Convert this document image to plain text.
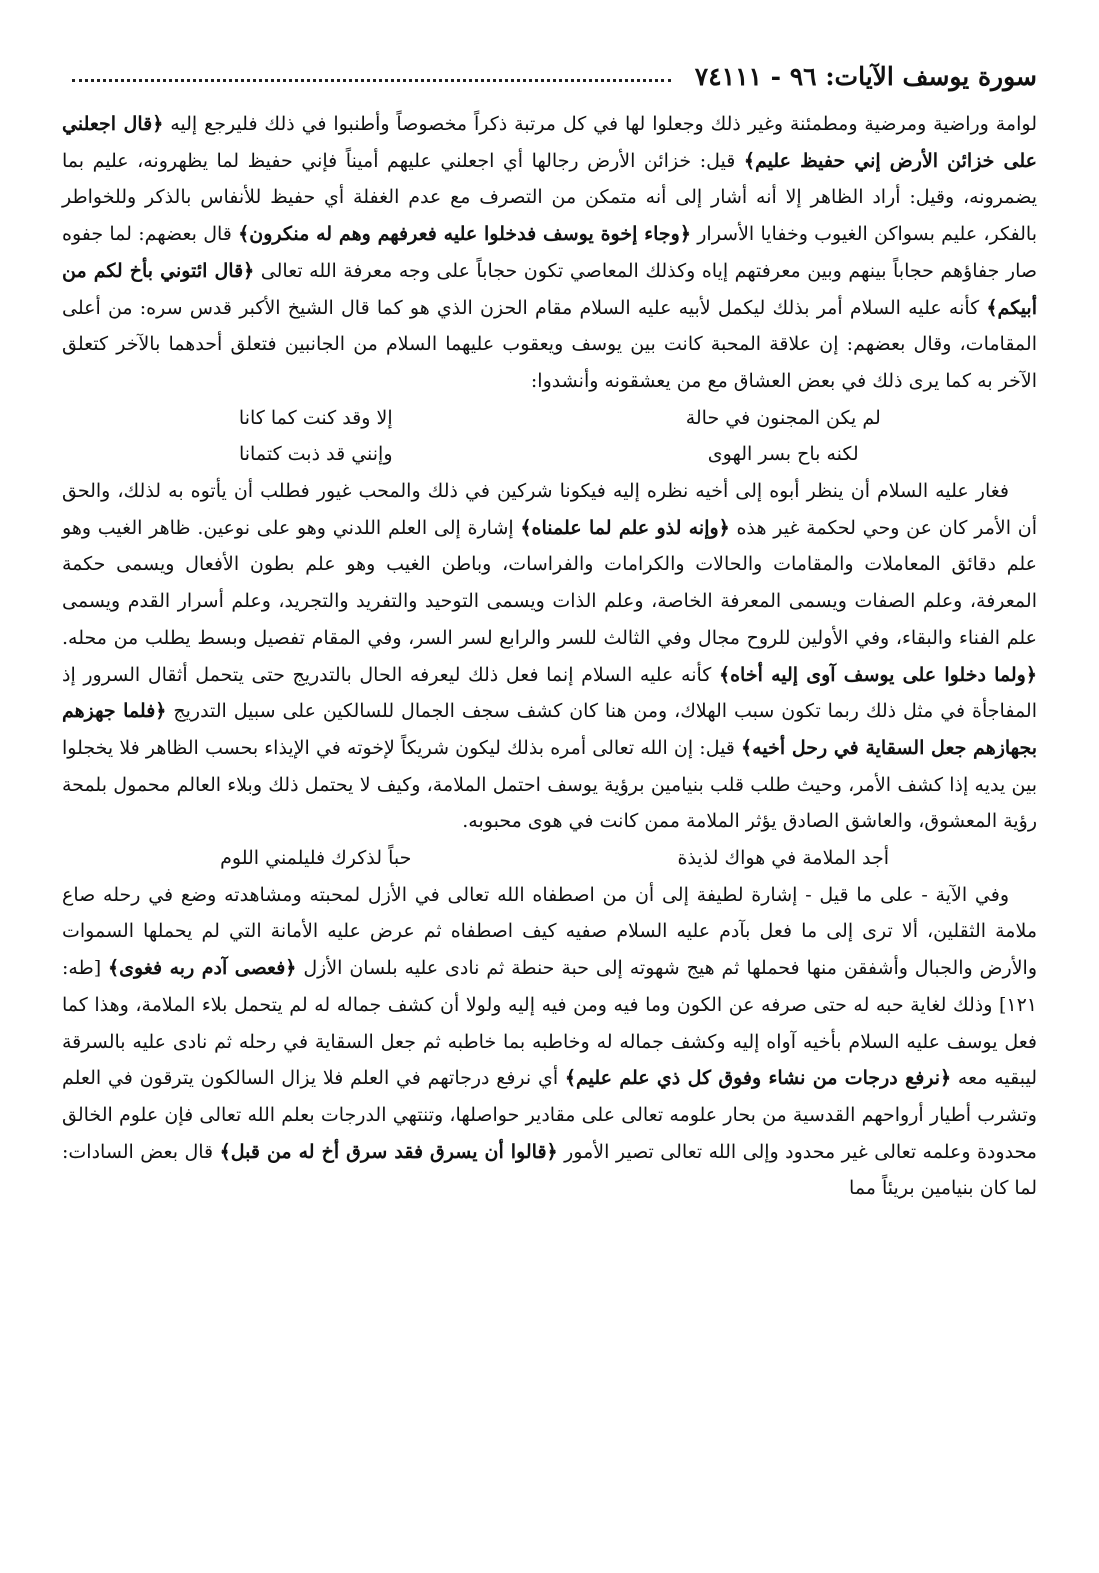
٧٤ سورة يوسف الآيات: ٩٦ - ١١١

لوامة وراضية ومرضية ومطمئنة وغير ذلك وجعلوا لها في كل مرتبة ذكراً مخصوصاً وأطنبوا في ذلك فليرجع إليه ﴿قال اجعلني على خزائن الأرض إني حفيظ عليم﴾ قيل: خزائن الأرض رجالها أي اجعلني عليهم أميناً فإني حفيظ لما يظهرونه، عليم بما يضمرونه، وقيل: أراد الظاهر إلا أنه أشار إلى أنه متمكن من التصرف مع عدم الغفلة أي حفيظ للأنفاس بالذكر وللخواطر بالفكر، عليم بسواكن الغيوب وخفايا الأسرار ﴿وجاء إخوة يوسف فدخلوا عليه فعرفهم وهم له منكرون﴾ قال بعضهم: لما جفوه صار جفاؤهم حجاباً بينهم وبين معرفتهم إياه وكذلك المعاصي تكون حجاباً على وجه معرفة الله تعالى ﴿قال ائتوني بأخ لكم من أبيكم﴾ كأنه عليه السلام أمر بذلك ليكمل لأبيه عليه السلام مقام الحزن الذي هو كما قال الشيخ الأكبر قدس سره: من أعلى المقامات، وقال بعضهم: إن علاقة المحبة كانت بين يوسف ويعقوب عليهما السلام من الجانبين فتعلق أحدهما بالآخر كتعلق الآخر به كما يرى ذلك في بعض العشاق مع من يعشقونه وأنشدوا:

لم يكن المجنون في حالة
إلا وقد كنت كما كانا
لكنه باح بسر الهوى
وإنني قد ذبت كتمانا

فغار عليه السلام أن ينظر أبوه إلى أخيه نظره إليه فيكونا شركين في ذلك والمحب غيور فطلب أن يأتوه به لذلك، والحق أن الأمر كان عن وحي لحكمة غير هذه ﴿وإنه لذو علم لما علمناه﴾ إشارة إلى العلم اللدني وهو على نوعين. ظاهر الغيب وهو علم دقائق المعاملات والمقامات والحالات والكرامات والفراسات، وباطن الغيب وهو علم بطون الأفعال ويسمى حكمة المعرفة، وعلم الصفات ويسمى المعرفة الخاصة، وعلم الذات ويسمى التوحيد والتفريد والتجريد، وعلم أسرار القدم ويسمى علم الفناء والبقاء، وفي الأولين للروح مجال وفي الثالث للسر والرابع لسر السر، وفي المقام تفصيل وبسط يطلب من محله. ﴿ولما دخلوا على يوسف آوى إليه أخاه﴾ كأنه عليه السلام إنما فعل ذلك ليعرفه الحال بالتدريج حتى يتحمل أثقال السرور إذ المفاجأة في مثل ذلك ربما تكون سبب الهلاك، ومن هنا كان كشف سجف الجمال للسالكين على سبيل التدريج ﴿فلما جهزهم بجهازهم جعل السقاية في رحل أخيه﴾ قيل: إن الله تعالى أمره بذلك ليكون شريكاً لإخوته في الإيذاء بحسب الظاهر فلا يخجلوا بين يديه إذا كشف الأمر، وحيث طلب قلب بنيامين برؤية يوسف احتمل الملامة، وكيف لا يحتمل ذلك وبلاء العالم محمول بلمحة رؤية المعشوق، والعاشق الصادق يؤثر الملامة ممن كانت في هوى محبوبه.

أجد الملامة في هواك لذيذة
حباً لذكرك فليلمني اللوم

وفي الآية - على ما قيل - إشارة لطيفة إلى أن من اصطفاه الله تعالى في الأزل لمحبته ومشاهدته وضع في رحله صاع ملامة الثقلين، ألا ترى إلى ما فعل بآدم عليه السلام صفيه كيف اصطفاه ثم عرض عليه الأمانة التي لم يحملها السموات والأرض والجبال وأشفقن منها فحملها ثم هيج شهوته إلى حبة حنطة ثم نادى عليه بلسان الأزل ﴿فعصى آدم ربه فغوى﴾ [طه: ١٢١] وذلك لغاية حبه له حتى صرفه عن الكون وما فيه ومن فيه إليه ولولا أن كشف جماله له لم يتحمل بلاء الملامة، وهذا كما فعل يوسف عليه السلام بأخيه آواه إليه وكشف جماله له وخاطبه بما خاطبه ثم جعل السقاية في رحله ثم نادى عليه بالسرقة ليبقيه معه ﴿نرفع درجات من نشاء وفوق كل ذي علم عليم﴾ أي نرفع درجاتهم في العلم فلا يزال السالكون يترقون في العلم وتشرب أطيار أرواحهم القدسية من بحار علومه تعالى على مقادير حواصلها، وتنتهي الدرجات بعلم الله تعالى فإن علوم الخالق محدودة وعلمه تعالى غير محدود وإلى الله تعالى تصير الأمور ﴿قالوا أن يسرق فقد سرق أخ له من قبل﴾ قال بعض السادات: لما كان بنيامين بريئاً مما
